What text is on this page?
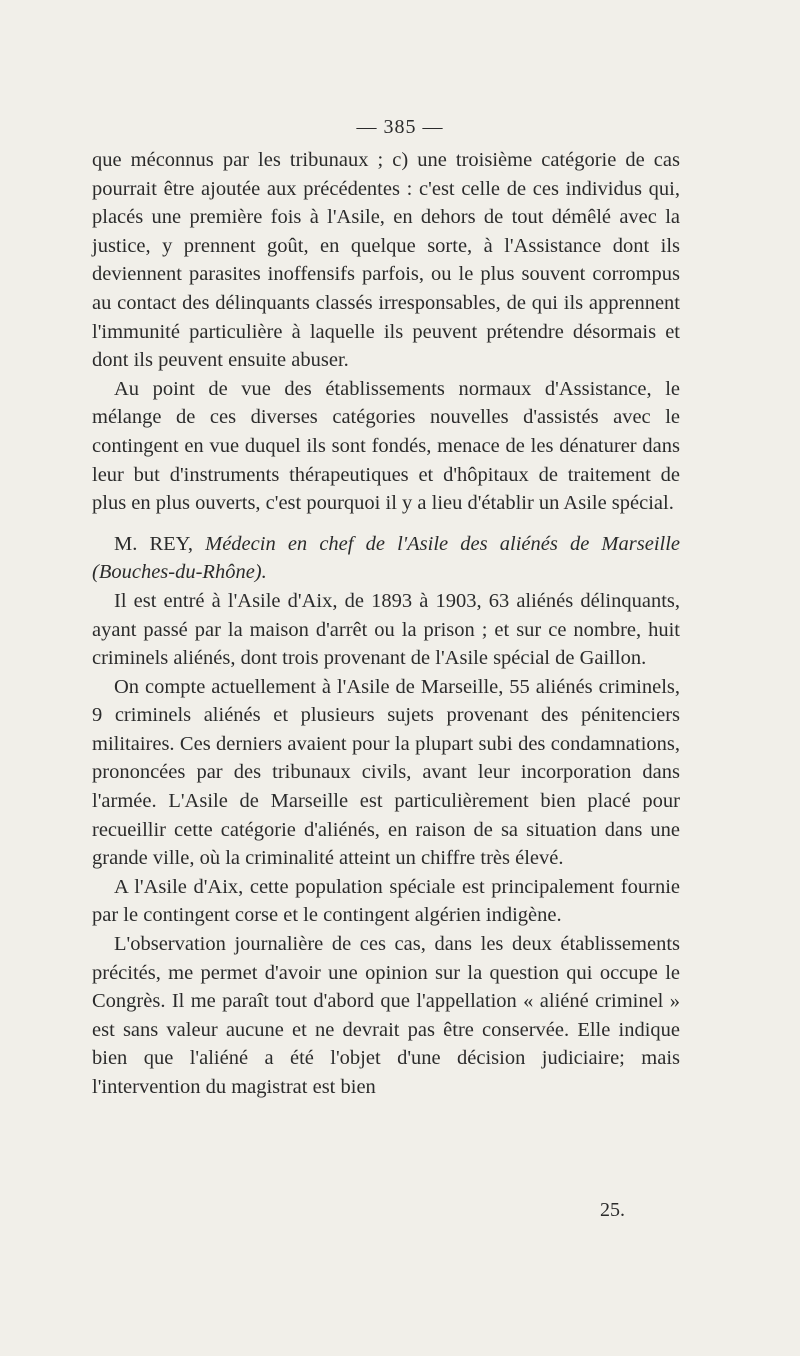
— 385 —

que méconnus par les tribunaux ; c) une troisième catégorie de cas pourrait être ajoutée aux précédentes : c'est celle de ces individus qui, placés une première fois à l'Asile, en dehors de tout démêlé avec la justice, y prennent goût, en quelque sorte, à l'Assistance dont ils deviennent parasites inoffensifs parfois, ou le plus souvent corrompus au contact des délinquants classés irresponsables, de qui ils apprennent l'immunité particulière à laquelle ils peuvent prétendre désormais et dont ils peuvent ensuite abuser.

Au point de vue des établissements normaux d'Assistance, le mélange de ces diverses catégories nouvelles d'assistés avec le contingent en vue duquel ils sont fondés, menace de les dénaturer dans leur but d'instruments thérapeutiques et d'hôpitaux de traitement de plus en plus ouverts, c'est pourquoi il y a lieu d'établir un Asile spécial.

M. REY, Médecin en chef de l'Asile des aliénés de Marseille (Bouches-du-Rhône).

Il est entré à l'Asile d'Aix, de 1893 à 1903, 63 aliénés délinquants, ayant passé par la maison d'arrêt ou la prison ; et sur ce nombre, huit criminels aliénés, dont trois provenant de l'Asile spécial de Gaillon.

On compte actuellement à l'Asile de Marseille, 55 aliénés criminels, 9 criminels aliénés et plusieurs sujets provenant des pénitenciers militaires. Ces derniers avaient pour la plupart subi des condamnations, prononcées par des tribunaux civils, avant leur incorporation dans l'armée. L'Asile de Marseille est particulièrement bien placé pour recueillir cette catégorie d'aliénés, en raison de sa situation dans une grande ville, où la criminalité atteint un chiffre très élevé.

A l'Asile d'Aix, cette population spéciale est principalement fournie par le contingent corse et le contingent algérien indigène.

L'observation journalière de ces cas, dans les deux établissements précités, me permet d'avoir une opinion sur la question qui occupe le Congrès. Il me paraît tout d'abord que l'appellation « aliéné criminel » est sans valeur aucune et ne devrait pas être conservée. Elle indique bien que l'aliéné a été l'objet d'une décision judiciaire; mais l'intervention du magistrat est bien

25.
